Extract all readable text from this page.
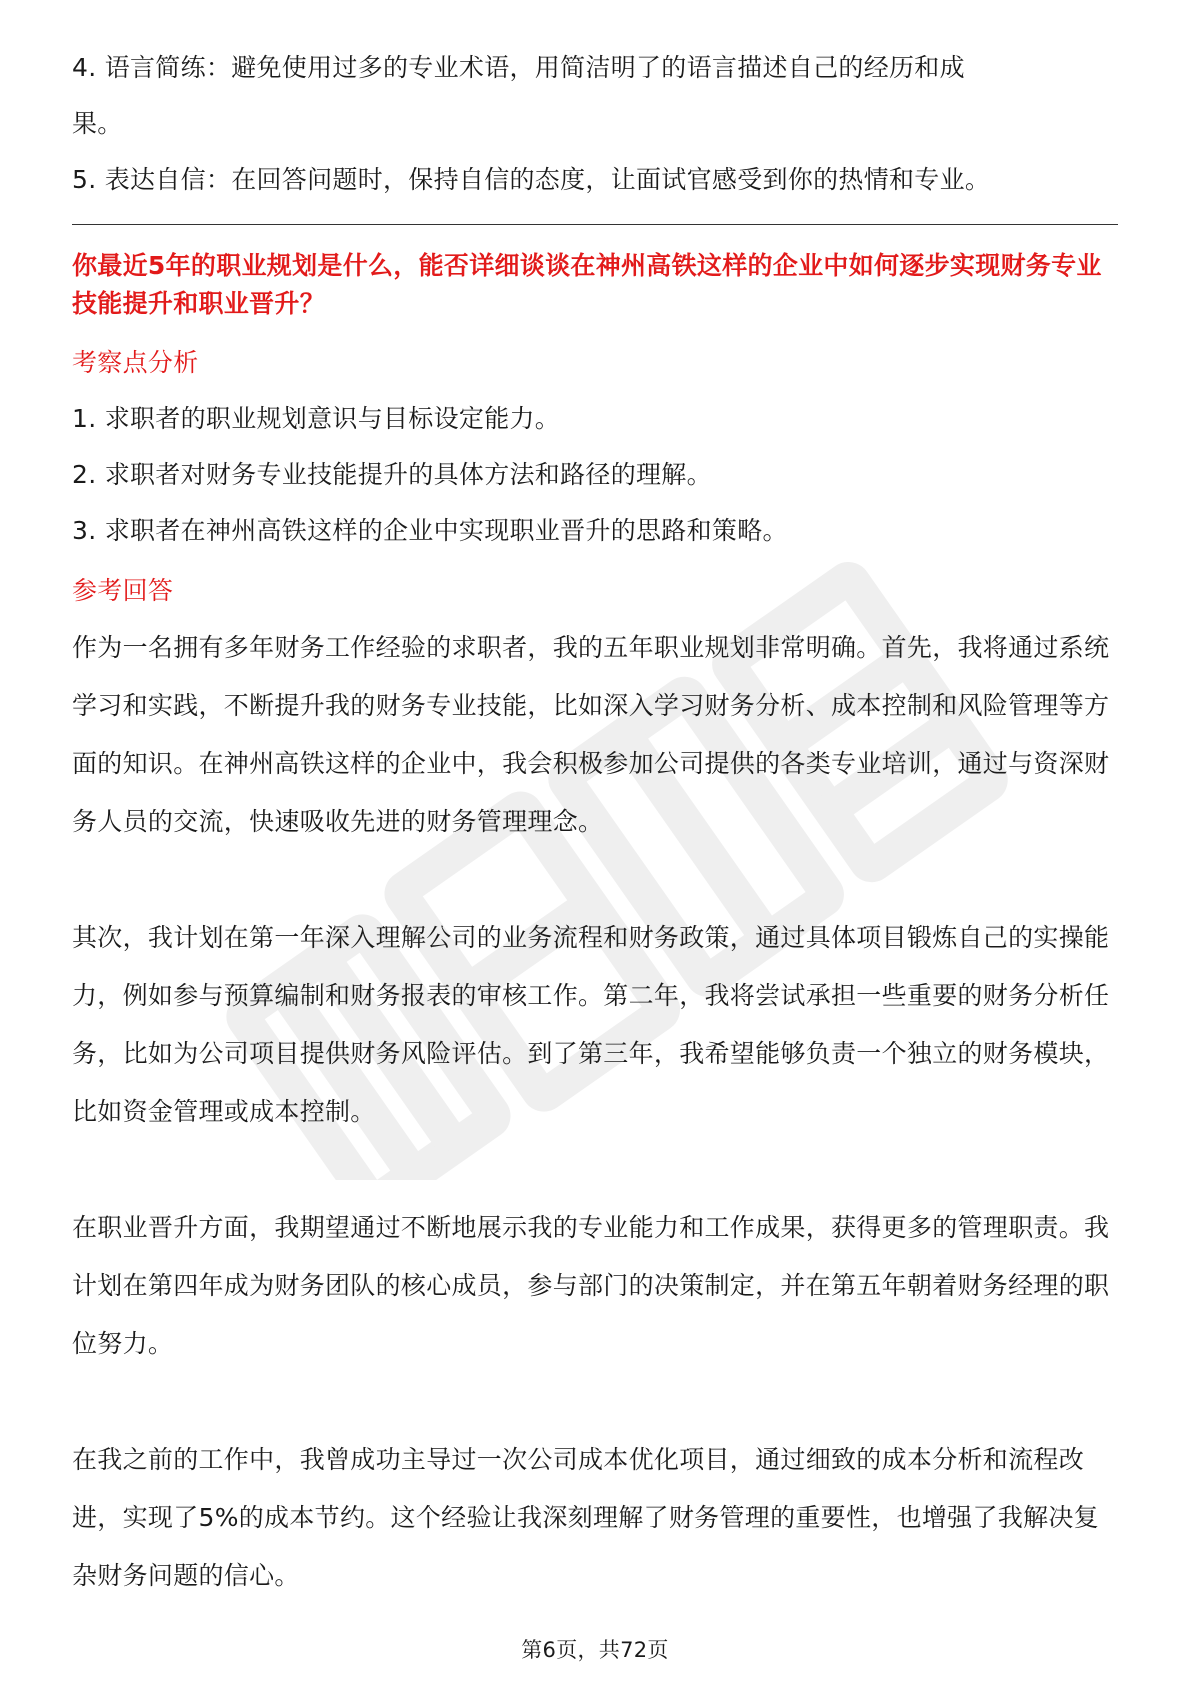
4. 语言简练：避免使用过多的专业术语，用简洁明了的语言描述自己的经历和成

果。

5. 表达自信：在回答问题时，保持自信的态度，让面试官感受到你的热情和专业。

你最近5年的职业规划是什么，能否详细谈谈在神州高铁这样的企业中如何逐步实现财务专业技能提升和职业晋升？

考察点分析

1. 求职者的职业规划意识与目标设定能力。

2. 求职者对财务专业技能提升的具体方法和路径的理解。

3. 求职者在神州高铁这样的企业中实现职业晋升的思路和策略。

参考回答

作为一名拥有多年财务工作经验的求职者，我的五年职业规划非常明确。首先，我将通过系统学习和实践，不断提升我的财务专业技能，比如深入学习财务分析、成本控制和风险管理等方面的知识。在神州高铁这样的企业中，我会积极参加公司提供的各类专业培训，通过与资深财务人员的交流，快速吸收先进的财务管理理念。

其次，我计划在第一年深入理解公司的业务流程和财务政策，通过具体项目锻炼自己的实操能力，例如参与预算编制和财务报表的审核工作。第二年，我将尝试承担一些重要的财务分析任务，比如为公司项目提供财务风险评估。到了第三年，我希望能够负责一个独立的财务模块，比如资金管理或成本控制。

在职业晋升方面，我期望通过不断地展示我的专业能力和工作成果，获得更多的管理职责。我计划在第四年成为财务团队的核心成员，参与部门的决策制定，并在第五年朝着财务经理的职位努力。

在我之前的工作中，我曾成功主导过一次公司成本优化项目，通过细致的成本分析和流程改进，实现了5%的成本节约。这个经验让我深刻理解了财务管理的重要性，也增强了我解决复杂财务问题的信心。

第6页，共72页
